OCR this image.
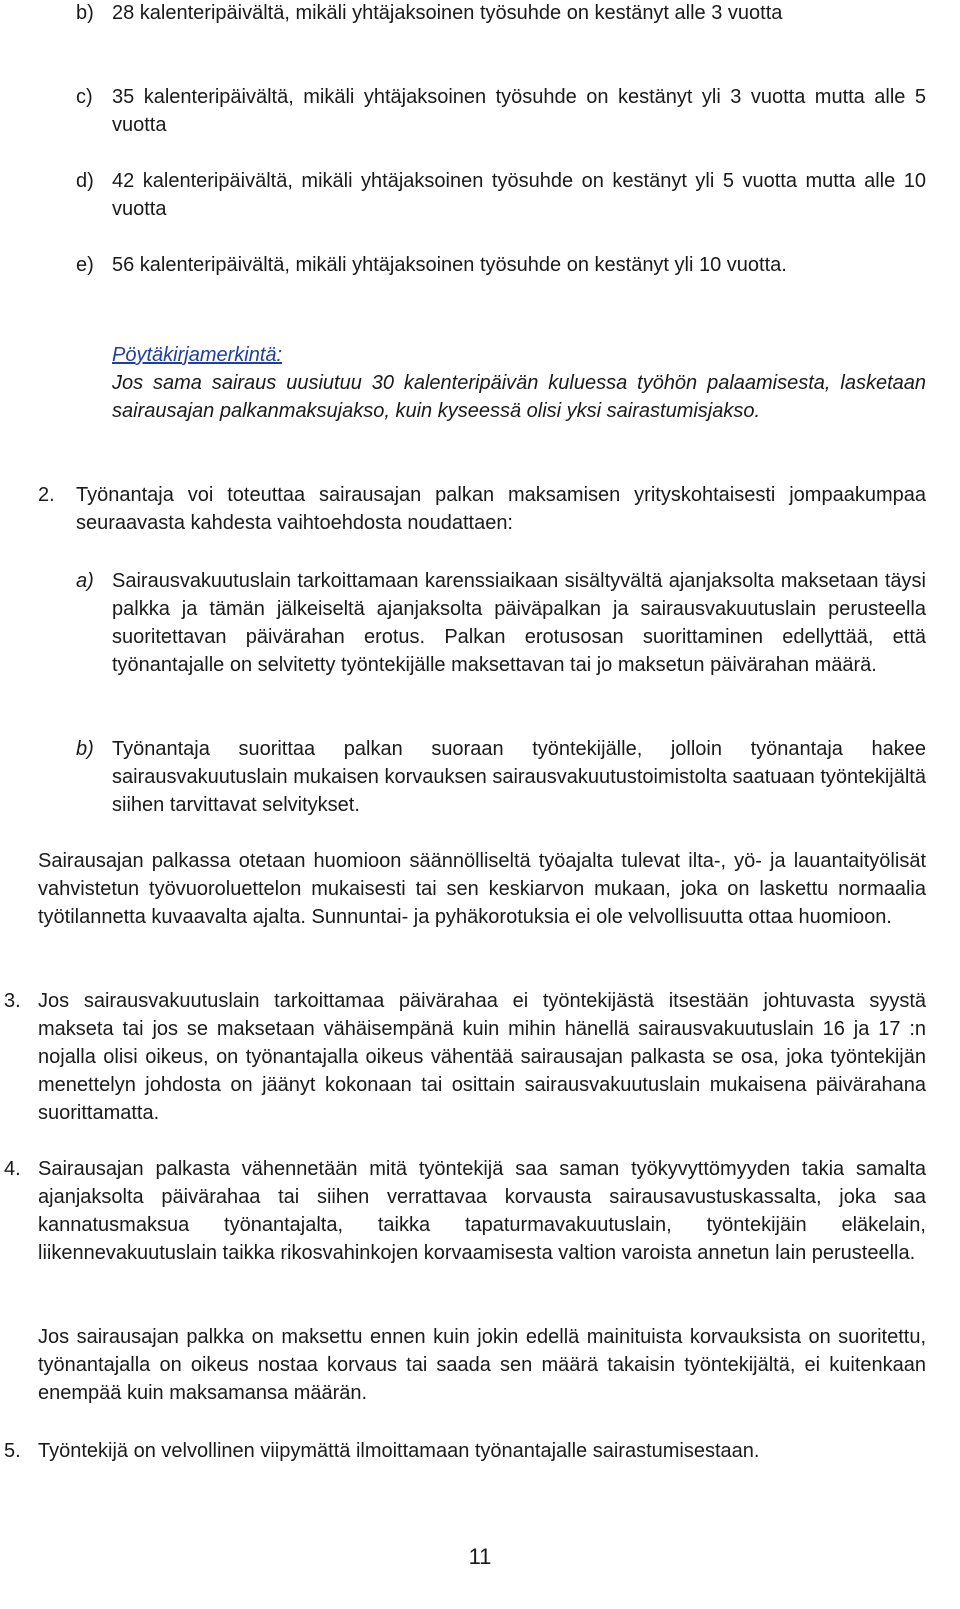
b) 28 kalenteripäivältä, mikäli yhtäjaksoinen työsuhde on kestänyt alle 3 vuotta
c) 35 kalenteripäivältä, mikäli yhtäjaksoinen työsuhde on kestänyt yli 3 vuotta mutta alle 5 vuotta
d) 42 kalenteripäivältä, mikäli yhtäjaksoinen työsuhde on kestänyt yli 5 vuotta mutta alle 10 vuotta
e) 56 kalenteripäivältä, mikäli yhtäjaksoinen työsuhde on kestänyt yli 10 vuotta.
Pöytäkirjamerkintä:
Jos sama sairaus uusiutuu 30 kalenteripäivän kuluessa työhön palaamisesta, lasketaan sairausajan palkanmaksujakso, kuin kyseessä olisi yksi sairastumisjakso.
2. Työnantaja voi toteuttaa sairausajan palkan maksamisen yrityskohtaisesti jompaakumpaa seuraavasta kahdesta vaihtoehdosta noudattaen:
a) Sairausvakuutuslain tarkoittamaan karenssiaikaan sisältyvältä ajanjaksolta maksetaan täysi palkka ja tämän jälkeiseltä ajanjaksolta päiväpalkan ja sairausvakuutuslain perusteella suoritettavan päivärahan erotus. Palkan erotusosan suorittaminen edellyttää, että työnantajalle on selvitetty työntekijälle maksettavan tai jo maksetun päivärahan määrä.
b) Työnantaja suorittaa palkan suoraan työntekijälle, jolloin työnantaja hakee sairausvakuutuslain mukaisen korvauksen sairausvakuutustoimistolta saatuaan työntekijältä siihen tarvittavat selvitykset.
Sairausajan palkassa otetaan huomioon säännölliseltä työajalta tulevat ilta-, yö- ja lauantaityölisät vahvistetun työvuoroluettelon mukaisesti tai sen keskiarvon mukaan, joka on laskettu normaalia työtilannetta kuvaavalta ajalta. Sunnuntai- ja pyhäkorotuksia ei ole velvollisuutta ottaa huomioon.
3. Jos sairausvakuutuslain tarkoittamaa päivärahaa ei työntekijästä itsestään johtuvasta syystä makseta tai jos se maksetaan vähäisempänä kuin mihin hänellä sairausvakuutuslain 16 ja 17 :n nojalla olisi oikeus, on työnantajalla oikeus vähentää sairausajan palkasta se osa, joka työntekijän menettelyn johdosta on jäänyt kokonaan tai osittain sairausvakuutuslain mukaisena päivärahana suorittamatta.
4. Sairausajan palkasta vähennetään mitä työntekijä saa saman työkyvyttömyyden takia samalta ajanjaksolta päivärahaa tai siihen verrattavaa korvausta sairausavustuskassalta, joka saa kannatusmaksua työnantajalta, taikka tapaturmavakuutuslain, työntekijäin eläkelain, liikennevakuutuslain taikka rikosvahinkojen korvaamisesta valtion varoista annetun lain perusteella.
Jos sairausajan palkka on maksettu ennen kuin jokin edellä mainituista korvauksista on suoritettu, työnantajalla on oikeus nostaa korvaus tai saada sen määrä takaisin työntekijältä, ei kuitenkaan enempää kuin maksamansa määrän.
5. Työntekijä on velvollinen viipymättä ilmoittamaan työnantajalle sairastumisestaan.
11
